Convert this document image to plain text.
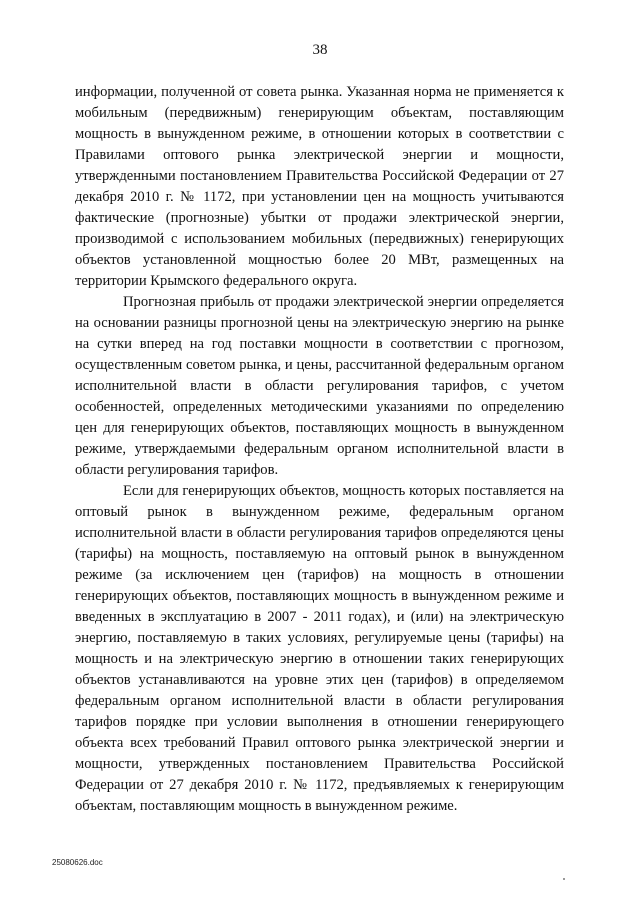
38

информации, полученной от совета рынка. Указанная норма не применяется к мобильным (передвижным) генерирующим объектам, поставляющим мощность в вынужденном режиме, в отношении которых в соответствии с Правилами оптового рынка электрической энергии и мощности, утвержденными постановлением Правительства Российской Федерации от 27 декабря 2010 г. № 1172, при установлении цен на мощность учитываются фактические (прогнозные) убытки от продажи электрической энергии, производимой с использованием мобильных (передвижных) генерирующих объектов установленной мощностью более 20 МВт, размещенных на территории Крымского федерального округа.

Прогнозная прибыль от продажи электрической энергии определяется на основании разницы прогнозной цены на электрическую энергию на рынке на сутки вперед на год поставки мощности в соответствии с прогнозом, осуществленным советом рынка, и цены, рассчитанной федеральным органом исполнительной власти в области регулирования тарифов, с учетом особенностей, определенных методическими указаниями по определению цен для генерирующих объектов, поставляющих мощность в вынужденном режиме, утверждаемыми федеральным органом исполнительной власти в области регулирования тарифов.

Если для генерирующих объектов, мощность которых поставляется на оптовый рынок в вынужденном режиме, федеральным органом исполнительной власти в области регулирования тарифов определяются цены (тарифы) на мощность, поставляемую на оптовый рынок в вынужденном режиме (за исключением цен (тарифов) на мощность в отношении генерирующих объектов, поставляющих мощность в вынужденном режиме и введенных в эксплуатацию в 2007 - 2011 годах), и (или) на электрическую энергию, поставляемую в таких условиях, регулируемые цены (тарифы) на мощность и на электрическую энергию в отношении таких генерирующих объектов устанавливаются на уровне этих цен (тарифов) в определяемом федеральным органом исполнительной власти в области регулирования тарифов порядке при условии выполнения в отношении генерирующего объекта всех требований Правил оптового рынка электрической энергии и мощности, утвержденных постановлением Правительства Российской Федерации от 27 декабря 2010 г. № 1172, предъявляемых к генерирующим объектам, поставляющим мощность в вынужденном режиме.

25080626.doc
